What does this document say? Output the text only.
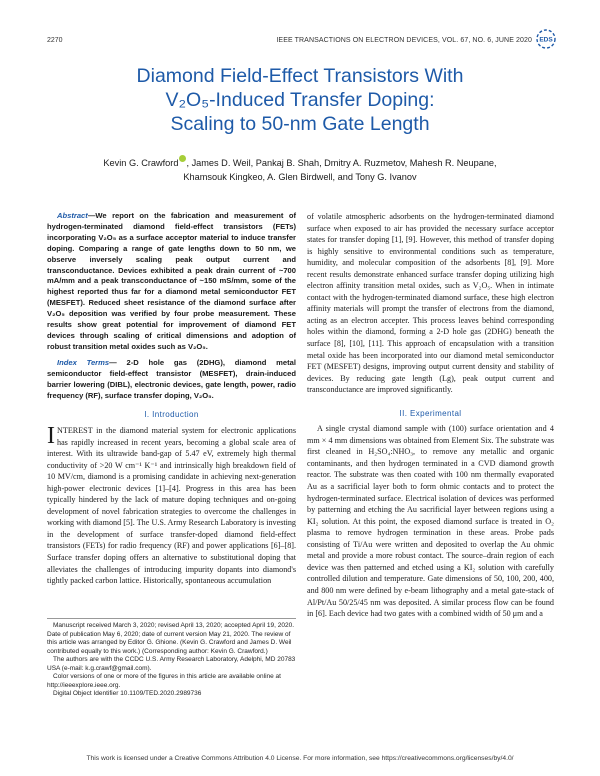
2270	IEEE TRANSACTIONS ON ELECTRON DEVICES, VOL. 67, NO. 6, JUNE 2020 EDS
Diamond Field-Effect Transistors With
V₂O₅-Induced Transfer Doping:
Scaling to 50-nm Gate Length
Kevin G. Crawford , James D. Weil, Pankaj B. Shah, Dmitry A. Ruzmetov, Mahesh R. Neupane,
Khamsouk Kingkeo, A. Glen Birdwell, and Tony G. Ivanov

Abstract—We report on the fabrication and measurement of hydrogen-terminated diamond field-effect transistors (FETs) incorporating V₂O₅ as a surface acceptor material to induce transfer doping. Comparing a range of gate lengths down to 50 nm, we observe inversely scaling peak output current and transconductance. Devices exhibited a peak drain current of ~700 mA/mm and a peak transconductance of ~150 mS/mm, some of the highest reported thus far for a diamond metal semiconductor FET (MESFET). Reduced sheet resistance of the diamond surface after V₂O₅ deposition was verified by four probe measurement. These results show great potential for improvement of diamond FET devices through scaling of critical dimensions and adoption of robust transition metal oxides such as V₂O₅.

Index Terms— 2-D hole gas (2DHG), diamond metal semiconductor field-effect transistor (MESFET), drain-induced barrier lowering (DIBL), electronic devices, gate length, power, radio frequency (RF), surface transfer doping, V₂O₅.

I. Introduction

INTEREST in the diamond material system for electronic applications has rapidly increased in recent years, becoming a global scale area of interest. With its ultrawide band-gap of 5.47 eV, extremely high thermal conductivity of >20 W cm⁻¹ K⁻¹ and intrinsically high breakdown field of 10 MV/cm, diamond is a promising candidate in achieving next-generation high-power electronic devices [1]–[4]. Progress in this area has been typically hindered by the lack of mature doping techniques and on-going development of novel fabrication strategies to overcome the challenges in working with diamond [5]. The U.S. Army Research Laboratory is investing in the development of surface transfer-doped diamond field-effect transistors (FETs) for radio frequency (RF) and power applications [6]–[8]. Surface transfer doping offers an alternative to substitutional doping that alleviates the challenges of introducing impurity dopants into diamond's tightly packed carbon lattice. Historically, spontaneous accumulation

Manuscript received March 3, 2020; revised April 13, 2020; accepted April 19, 2020. Date of publication May 6, 2020; date of current version May 21, 2020. The review of this article was arranged by Editor G. Ghione. (Kevin G. Crawford and James D. Weil contributed equally to this work.) (Corresponding author: Kevin G. Crawford.)

The authors are with the CCDC U.S. Army Research Laboratory, Adelphi, MD 20783 USA (e-mail: k.g.crawf@gmail.com).

Color versions of one or more of the figures in this article are available online at http://ieeexplore.ieee.org.

Digital Object Identifier 10.1109/TED.2020.2989736

of volatile atmospheric adsorbents on the hydrogen-terminated diamond surface when exposed to air has provided the necessary surface acceptor states for transfer doping [1], [9]. However, this method of transfer doping is highly sensitive to environmental conditions such as temperature, humidity, and molecular composition of the adsorbents [8], [9]. More recent results demonstrate enhanced surface transfer doping utilizing high electron affinity transition metal oxides, such as V₂O₅. When in intimate contact with the hydrogen-terminated diamond surface, these high electron affinity materials will prompt the transfer of electrons from the diamond, acting as an electron accepter. This process leaves behind corresponding holes within the diamond, forming a 2-D hole gas (2DHG) beneath the surface [8], [10], [11]. This approach of encapsulation with a transition metal oxide has been incorporated into our diamond metal semiconductor FET (MESFET) designs, improving output current density and stability of devices. By reducing gate length (Lg), peak output current and transconductance are improved significantly.

II. Experimental

A single crystal diamond sample with (100) surface orientation and 4 mm × 4 mm dimensions was obtained from Element Six. The substrate was first cleaned in H₂SO₄:NHO₃, to remove any metallic and organic contaminants, and then hydrogen terminated in a CVD diamond growth reactor. The substrate was then coated with 100 nm thermally evaporated Au as a sacrificial layer both to form ohmic contacts and to protect the hydrogen-terminated surface. Electrical isolation of devices was performed by patterning and etching the Au sacrificial layer between regions using a KI₂ solution. At this point, the exposed diamond surface is treated in O₂ plasma to remove hydrogen termination in these areas. Probe pads consisting of Ti/Au were written and deposited to overlap the Au ohmic metal and provide a more robust contact. The source–drain region of each device was then patterned and etched using a KI₂ solution with carefully controlled dilution and temperature. Gate dimensions of 50, 100, 200, 400, and 800 nm were defined by e-beam lithography and a metal gate-stack of Al/Pt/Au 50/25/45 nm was deposited. A similar process flow can be found in [6]. Each device had two gates with a combined width of 50 μm and a

This work is licensed under a Creative Commons Attribution 4.0 License. For more information, see https://creativecommons.org/licenses/by/4.0/
